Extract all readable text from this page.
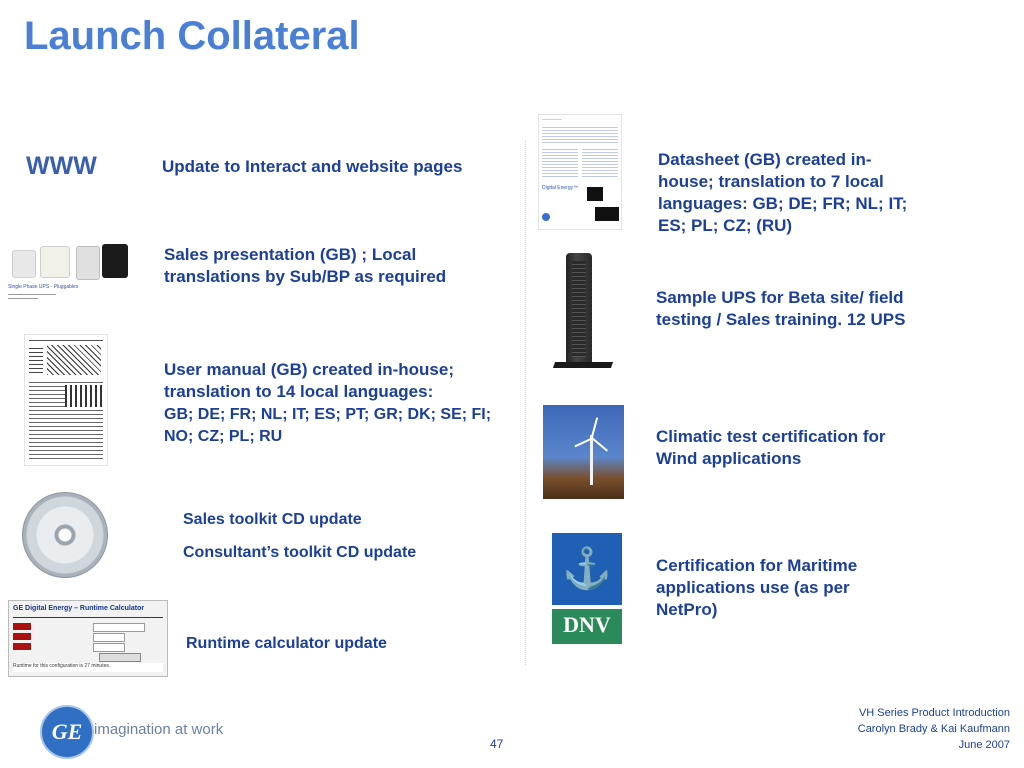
Launch Collateral
WWW	Update to Interact and website pages
Sales presentation (GB) ; Local translations by Sub/BP as required
User manual (GB) created in-house; translation to 14 local languages:
GB; DE; FR; NL; IT; ES; PT; GR; DK; SE; FI; NO; CZ; PL; RU
Sales toolkit CD update
Consultant’s toolkit CD update
Runtime calculator update
Datasheet (GB) created in-house; translation to 7 local languages: GB; DE; FR; NL; IT; ES; PL; CZ; (RU)
Sample UPS for Beta site/ field testing / Sales training. 12 UPS
Climatic test certification for Wind applications
Certification for Maritime applications use (as per NetPro)
Single Phase UPS - Pluggables
GE Digital Energy – Runtime Calculator
Runtime for this configuration is 27 minutes.
Digital Energy™
⚓
DNV
GE imagination at work
47
VH Series Product Introduction
Carolyn Brady & Kai Kaufmann
June 2007
